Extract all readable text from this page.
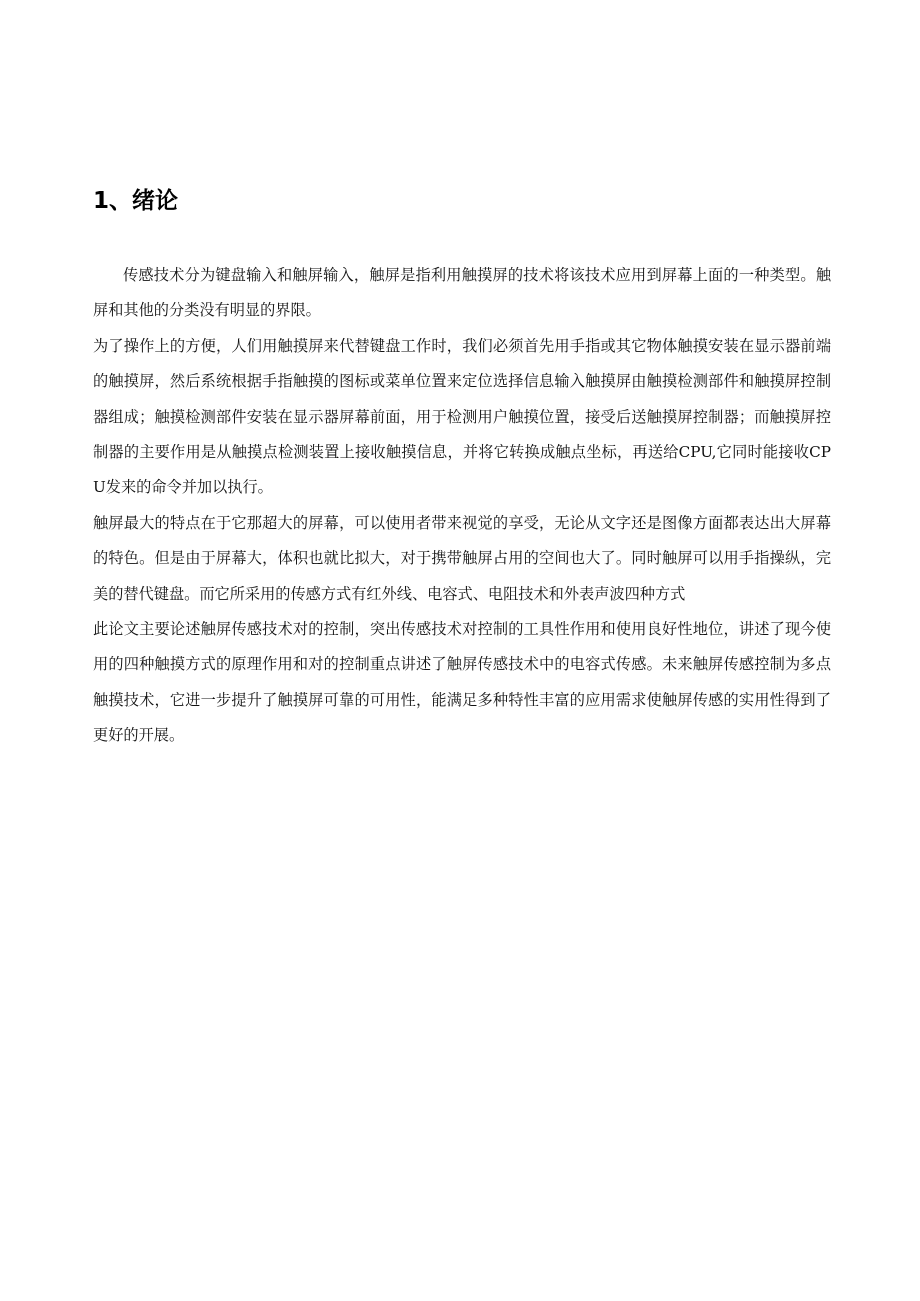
1、绪论

传感技术分为键盘输入和触屏输入，触屏是指利用触摸屏的技术将该技术应用到屏幕上面的一种类型。触屏和其他的分类没有明显的界限。

为了操作上的方便，人们用触摸屏来代替键盘工作时，我们必须首先用手指或其它物体触摸安装在显示器前端的触摸屏，然后系统根据手指触摸的图标或菜单位置来定位选择信息输入触摸屏由触摸检测部件和触摸屏控制器组成；触摸检测部件安装在显示器屏幕前面，用于检测用户触摸位置，接受后送触摸屏控制器；而触摸屏控制器的主要作用是从触摸点检测装置上接收触摸信息，并将它转换成触点坐标，再送给CPU,它同时能接收CPU发来的命令并加以执行。

触屏最大的特点在于它那超大的屏幕，可以使用者带来视觉的享受，无论从文字还是图像方面都表达出大屏幕的特色。但是由于屏幕大，体积也就比拟大，对于携带触屏占用的空间也大了。同时触屏可以用手指操纵，完美的替代键盘。而它所采用的传感方式有红外线、电容式、电阻技术和外表声波四种方式

此论文主要论述触屏传感技术对的控制，突出传感技术对控制的工具性作用和使用良好性地位，讲述了现今使用的四种触摸方式的原理作用和对的控制重点讲述了触屏传感技术中的电容式传感。未来触屏传感控制为多点触摸技术，它进一步提升了触摸屏可靠的可用性，能满足多种特性丰富的应用需求使触屏传感的实用性得到了更好的开展。
